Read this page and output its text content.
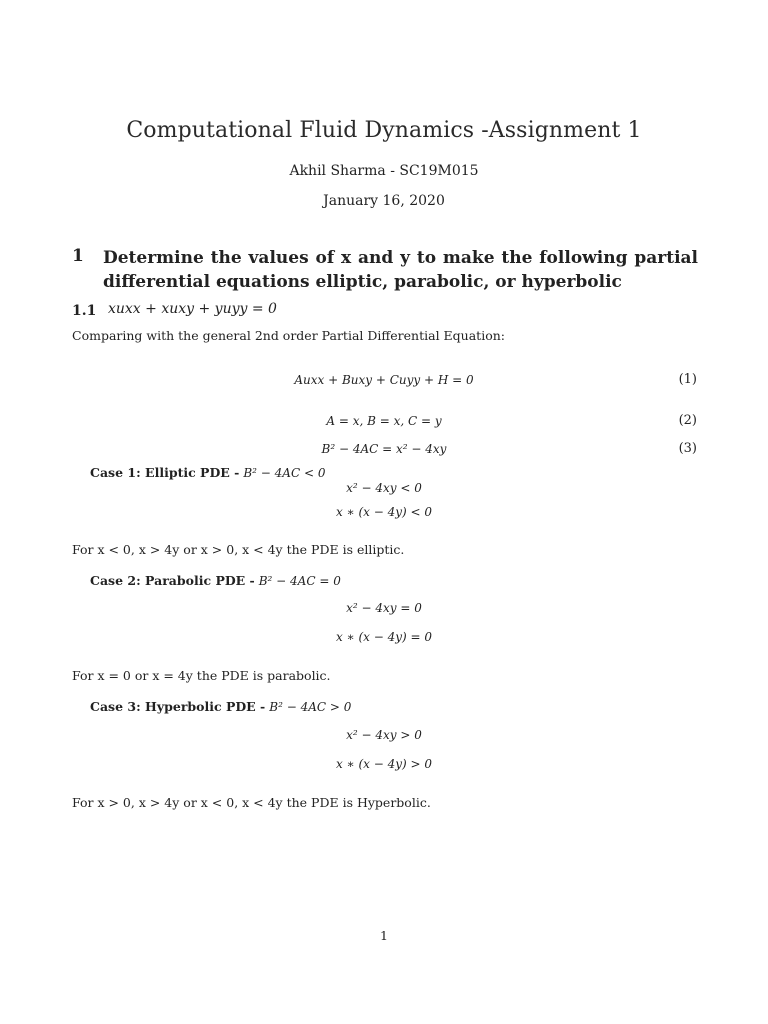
Computational Fluid Dynamics -Assignment 1
Akhil Sharma - SC19M015
January 16, 2020
1 Determine the values of x and y to make the following partial differential equations elliptic, parabolic, or hyperbolic
1.1 xuxx + xuxy + yuyy = 0
Comparing with the general 2nd order Partial Differential Equation:
Auxx + Buxy + Cuyy + H = 0	(1)
A = x, B = x, C = y	(2)
B² − 4AC = x² − 4xy	(3)
Case 1: Elliptic PDE - B² − 4AC < 0
x² − 4xy < 0
x ∗ (x − 4y) < 0
For x < 0, x > 4y or x > 0, x < 4y the PDE is elliptic.
Case 2: Parabolic PDE - B² − 4AC = 0
x² − 4xy = 0
x ∗ (x − 4y) = 0
For x = 0 or x = 4y the PDE is parabolic.
Case 3: Hyperbolic PDE - B² − 4AC > 0
x² − 4xy > 0
x ∗ (x − 4y) > 0
For x > 0, x > 4y or x < 0, x < 4y the PDE is Hyperbolic.
1
